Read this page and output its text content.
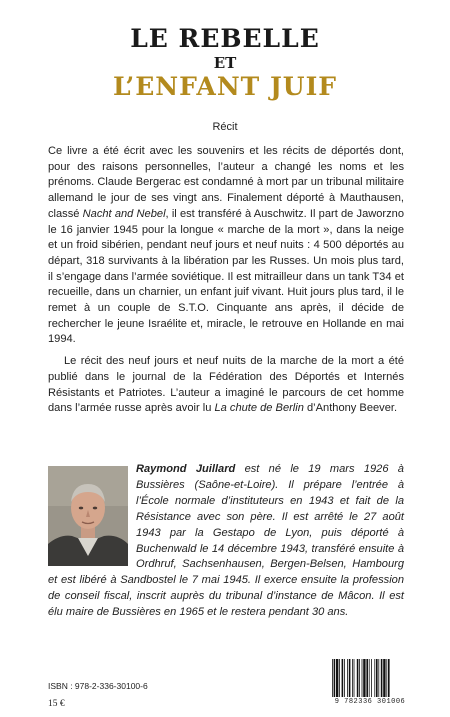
LE REBELLE
ET
L’ENFANT JUIF
Récit

Ce livre a été écrit avec les souvenirs et les récits de déportés dont, pour des raisons personnelles, l’auteur a changé les noms et les prénoms. Claude Bergerac est condamné à mort par un tribunal militaire allemand le jour de ses vingt ans. Finalement déporté à Mauthausen, classé Nacht and Nebel, il est transféré à Auschwitz. Il part de Jaworzno le 16 janvier 1945 pour la longue « marche de la mort », dans la neige et un froid sibérien, pendant neuf jours et neuf nuits : 4 500 déportés au départ, 318 survivants à la libération par les Russes. Un mois plus tard, il s’engage dans l’armée soviétique. Il est mitrailleur dans un tank T34 et recueille, dans un charnier, un enfant juif vivant. Huit jours plus tard, il le remet à un couple de S.T.O. Cinquante ans après, il décide de rechercher le jeune Israélite et, miracle, le retrouve en Hollande en mai 1994.

Le récit des neuf jours et neuf nuits de la marche de la mort a été publié dans le journal de la Fédération des Déportés et Internés Résistants et Patriotes. L’auteur a imaginé le parcours de cet homme dans l’armée russe après avoir lu La chute de Berlin d’Anthony Beever.

Raymond Juillard est né le 19 mars 1926 à Bussières (Saône-et-Loire). Il prépare l’entrée à l’École normale d’instituteurs en 1943 et fait de la Résistance avec son père. Il est arrêté le 27 août 1943 par la Gestapo de Lyon, puis déporté à Buchenwald le 14 décembre 1943, transféré ensuite à Ordhruf, Sachsenhausen, Bergen-Belsen, Hambourg et est libéré à Sandbostel le 7 mai 1945. Il exerce ensuite la profession de conseil fiscal, inscrit auprès du tribunal d’instance de Mâcon. Il est élu maire de Bussières en 1965 et le restera pendant 30 ans.
ISBN : 978-2-336-30100-6
15 €	9 782336 301006
